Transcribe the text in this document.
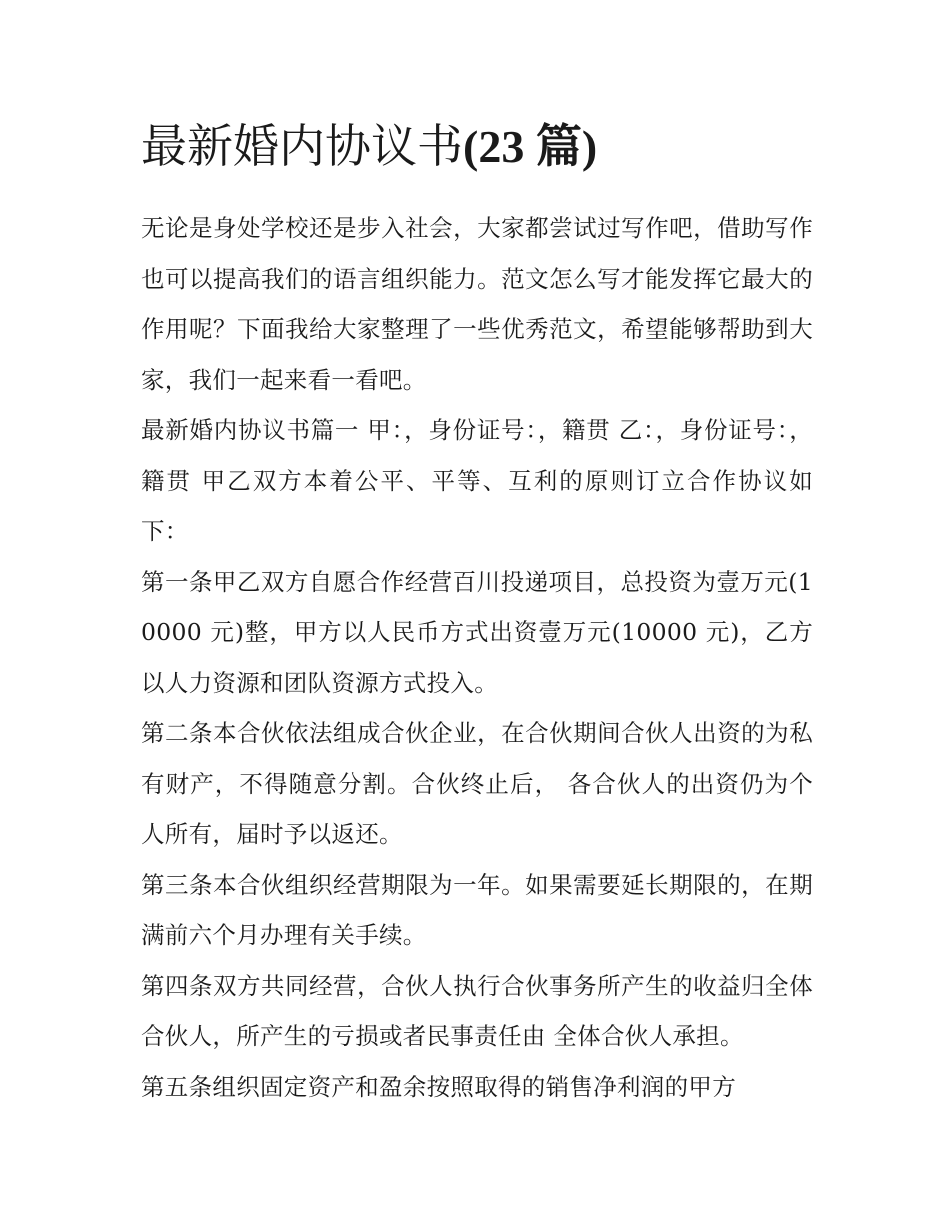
最新婚内协议书(23 篇)

无论是身处学校还是步入社会，大家都尝试过写作吧，借助写作也可以提高我们的语言组织能力。范文怎么写才能发挥它最大的作用呢？下面我给大家整理了一些优秀范文，希望能够帮助到大家，我们一起来看一看吧。

最新婚内协议书篇一 甲：，身份证号：，籍贯 乙：，身份证号：，籍贯 甲乙双方本着公平、平等、互利的原则订立合作协议如下：

第一条甲乙双方自愿合作经营百川投递项目，总投资为壹万元(10000 元)整，甲方以人民币方式出资壹万元(10000 元)，乙方以人力资源和团队资源方式投入。

第二条本合伙依法组成合伙企业，在合伙期间合伙人出资的为私有财产，不得随意分割。合伙终止后， 各合伙人的出资仍为个人所有，届时予以返还。

第三条本合伙组织经营期限为一年。如果需要延长期限的，在期满前六个月办理有关手续。

第四条双方共同经营，合伙人执行合伙事务所产生的收益归全体合伙人，所产生的亏损或者民事责任由 全体合伙人承担。

第五条组织固定资产和盈余按照取得的销售净利润的甲方
